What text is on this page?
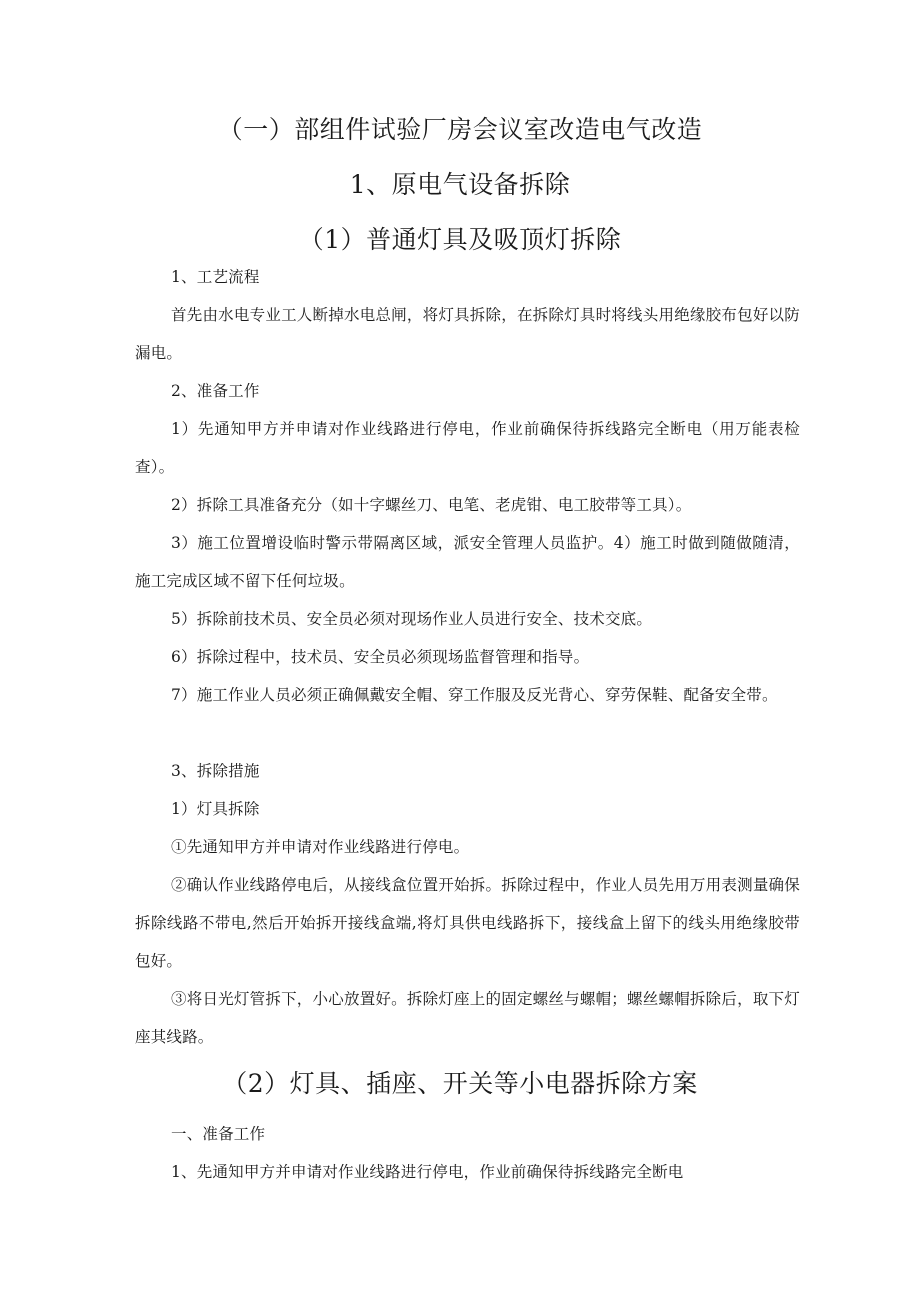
（一）部组件试验厂房会议室改造电气改造
1、原电气设备拆除
（1）普通灯具及吸顶灯拆除
1、工艺流程
首先由水电专业工人断掉水电总闸，将灯具拆除，在拆除灯具时将线头用绝缘胶布包好以防漏电。
2、准备工作
1）先通知甲方并申请对作业线路进行停电，作业前确保待拆线路完全断电（用万能表检查）。
2）拆除工具准备充分（如十字螺丝刀、电笔、老虎钳、电工胶带等工具）。
3）施工位置增设临时警示带隔离区域，派安全管理人员监护。4）施工时做到随做随清，施工完成区域不留下任何垃圾。
5）拆除前技术员、安全员必须对现场作业人员进行安全、技术交底。
6）拆除过程中，技术员、安全员必须现场监督管理和指导。
7）施工作业人员必须正确佩戴安全帽、穿工作服及反光背心、穿劳保鞋、配备安全带。
3、拆除措施
1）灯具拆除
①先通知甲方并申请对作业线路进行停电。
②确认作业线路停电后，从接线盒位置开始拆。拆除过程中，作业人员先用万用表测量确保拆除线路不带电,然后开始拆开接线盒端,将灯具供电线路拆下，接线盒上留下的线头用绝缘胶带包好。
③将日光灯管拆下，小心放置好。拆除灯座上的固定螺丝与螺帽；螺丝螺帽拆除后，取下灯座其线路。
（2）灯具、插座、开关等小电器拆除方案
一、准备工作
1、先通知甲方并申请对作业线路进行停电，作业前确保待拆线路完全断电
